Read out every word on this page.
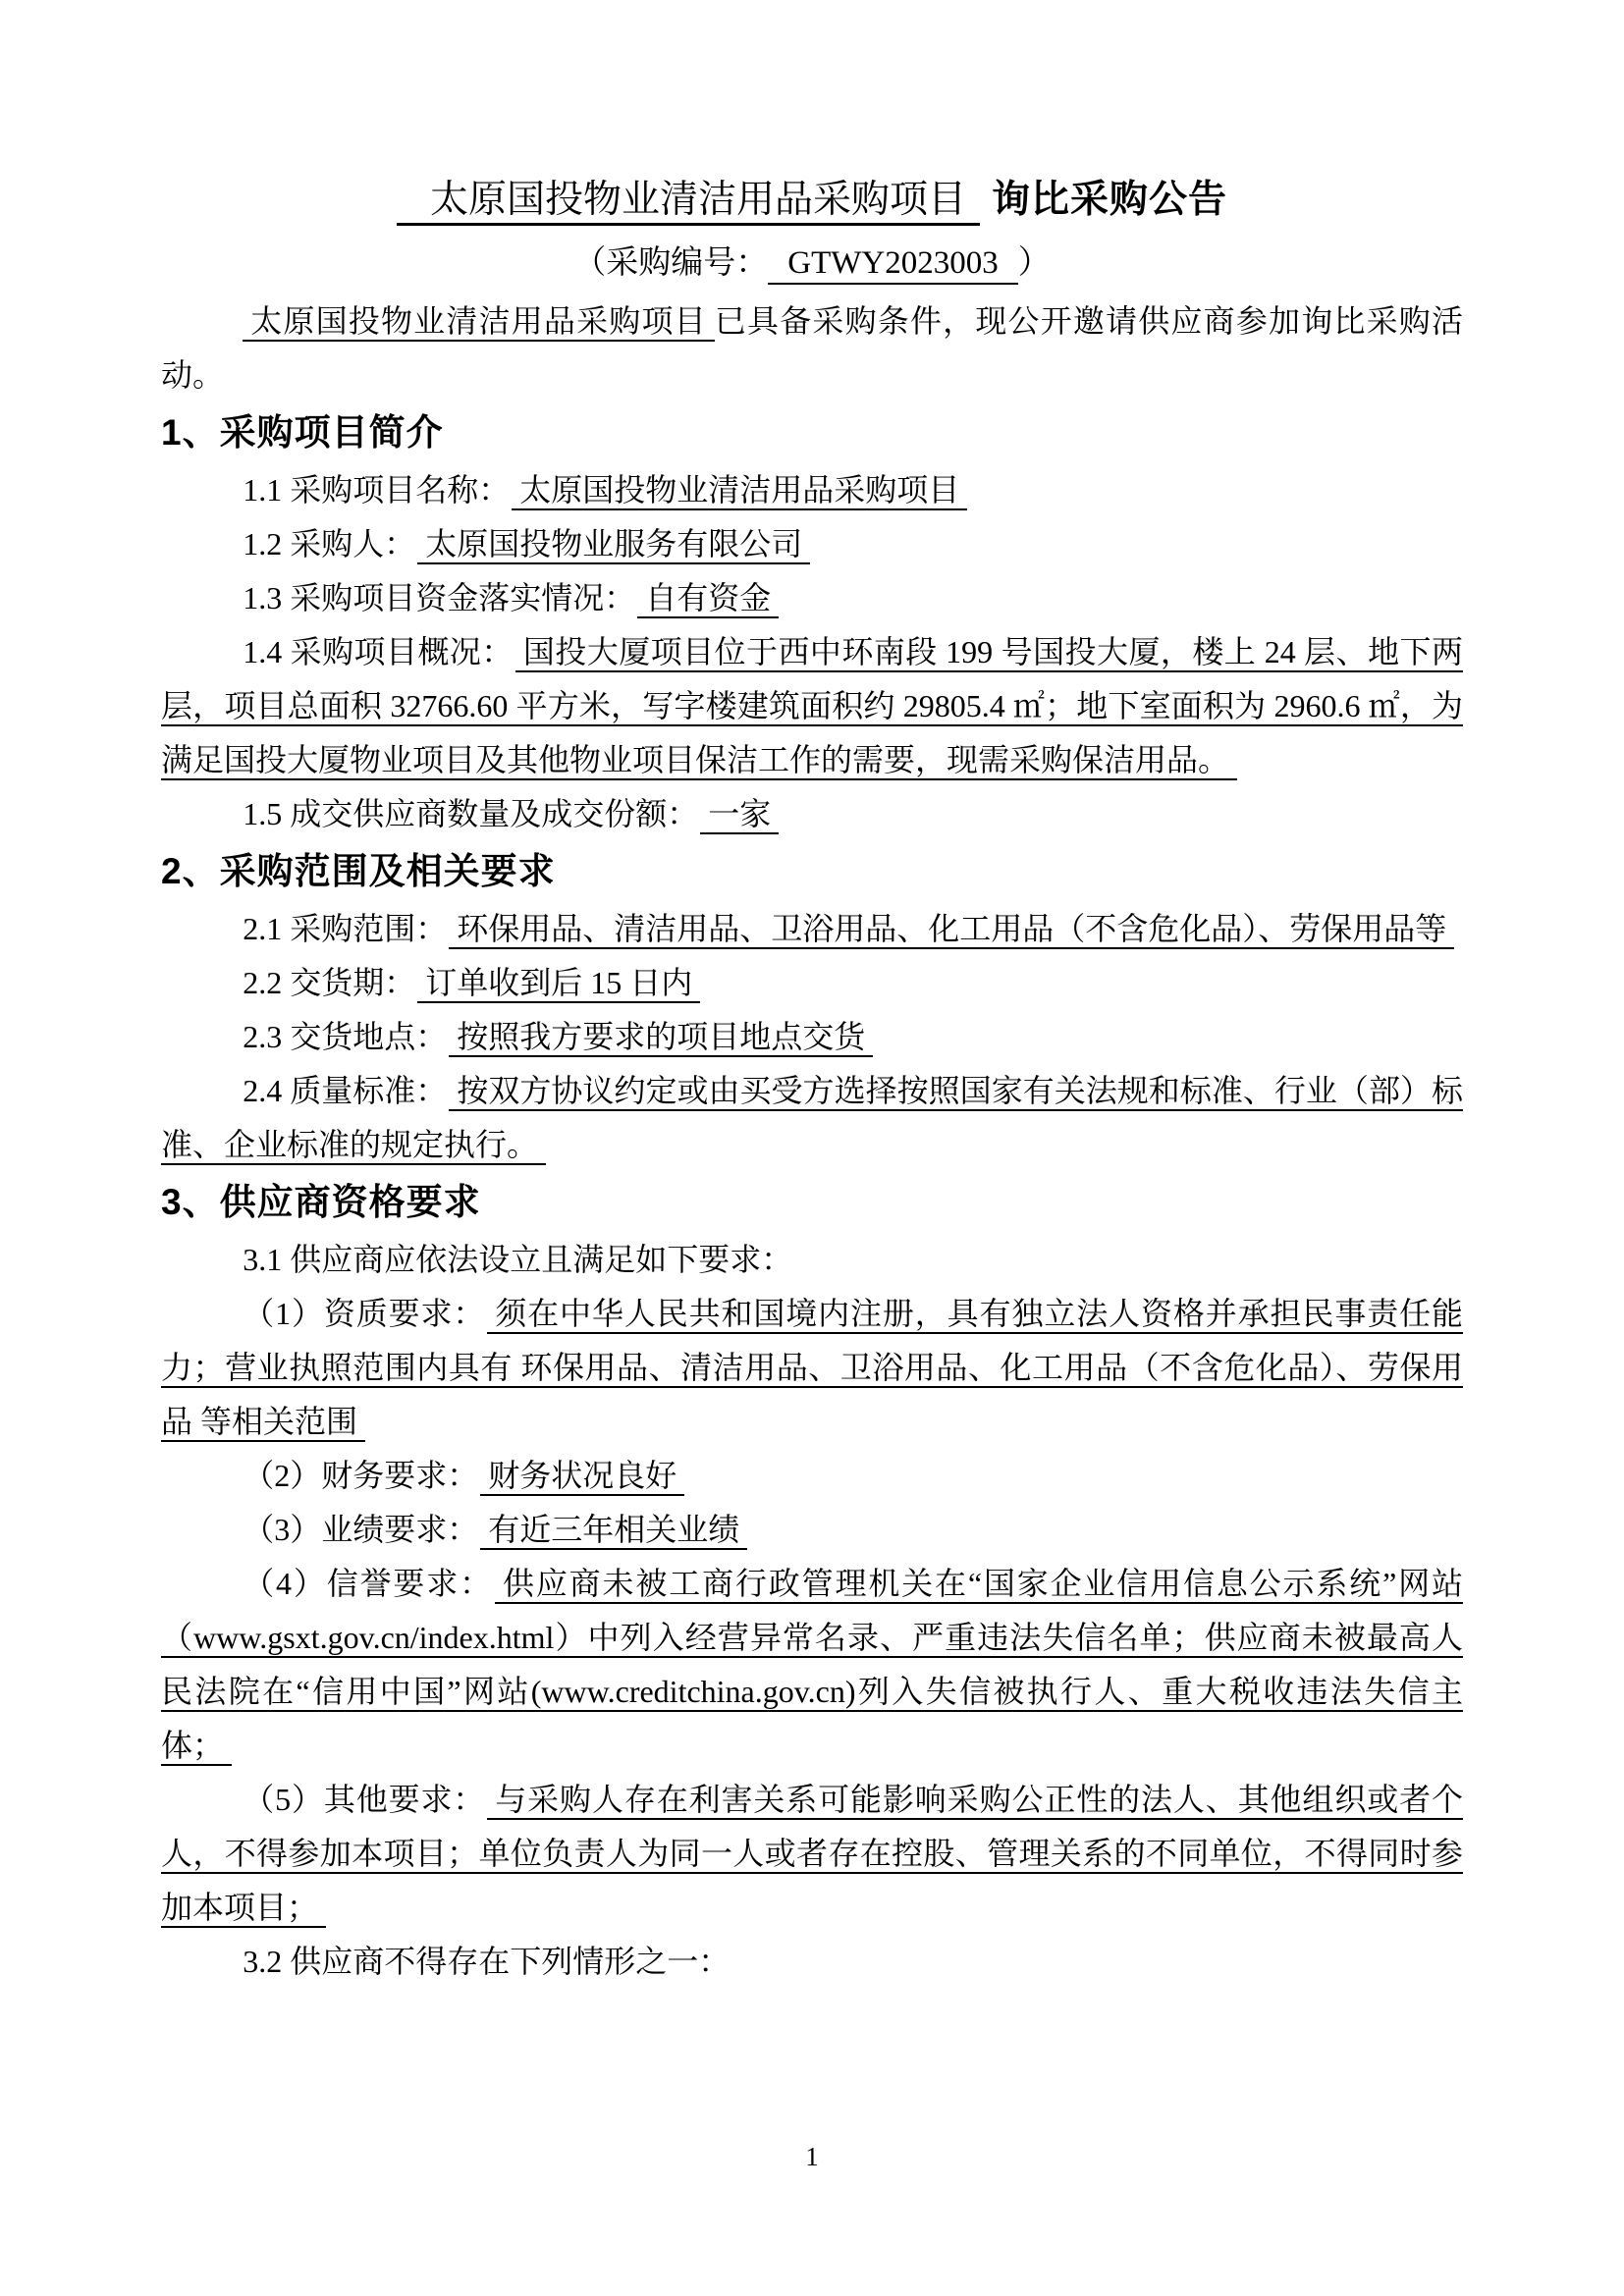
太原国投物业清洁用品采购项目 询比采购公告
（采购编号： GTWY2023003 ）

太原国投物业清洁用品采购项目 已具备采购条件，现公开邀请供应商参加询比采购活动。

1、采购项目简介

1.1 采购项目名称： 太原国投物业清洁用品采购项目

1.2 采购人： 太原国投物业服务有限公司

1.3 采购项目资金落实情况： 自有资金

1.4 采购项目概况： 国投大厦项目位于西中环南段 199 号国投大厦，楼上 24 层、地下两层，项目总面积 32766.60 平方米，写字楼建筑面积约 29805.4 ㎡；地下室面积为 2960.6 ㎡，为满足国投大厦物业项目及其他物业项目保洁工作的需要，现需采购保洁用品。

1.5 成交供应商数量及成交份额： 一家

2、采购范围及相关要求

2.1 采购范围： 环保用品、清洁用品、卫浴用品、化工用品（不含危化品）、劳保用品等

2.2 交货期： 订单收到后 15 日内

2.3 交货地点： 按照我方要求的项目地点交货

2.4 质量标准： 按双方协议约定或由买受方选择按照国家有关法规和标准、行业（部）标准、企业标准的规定执行。

3、供应商资格要求

3.1 供应商应依法设立且满足如下要求：

（1）资质要求： 须在中华人民共和国境内注册，具有独立法人资格并承担民事责任能力；营业执照范围内具有 环保用品、清洁用品、卫浴用品、化工用品（不含危化品）、劳保用品 等相关范围

（2）财务要求： 财务状况良好

（3）业绩要求： 有近三年相关业绩

（4）信誉要求： 供应商未被工商行政管理机关在“国家企业信用信息公示系统”网站（www.gsxt.gov.cn/index.html）中列入经营异常名录、严重违法失信名单；供应商未被最高人民法院在“信用中国”网站(www.creditchina.gov.cn)列入失信被执行人、重大税收违法失信主体；

（5）其他要求： 与采购人存在利害关系可能影响采购公正性的法人、其他组织或者个人，不得参加本项目；单位负责人为同一人或者存在控股、管理关系的不同单位，不得同时参加本项目；

3.2 供应商不得存在下列情形之一：

1
